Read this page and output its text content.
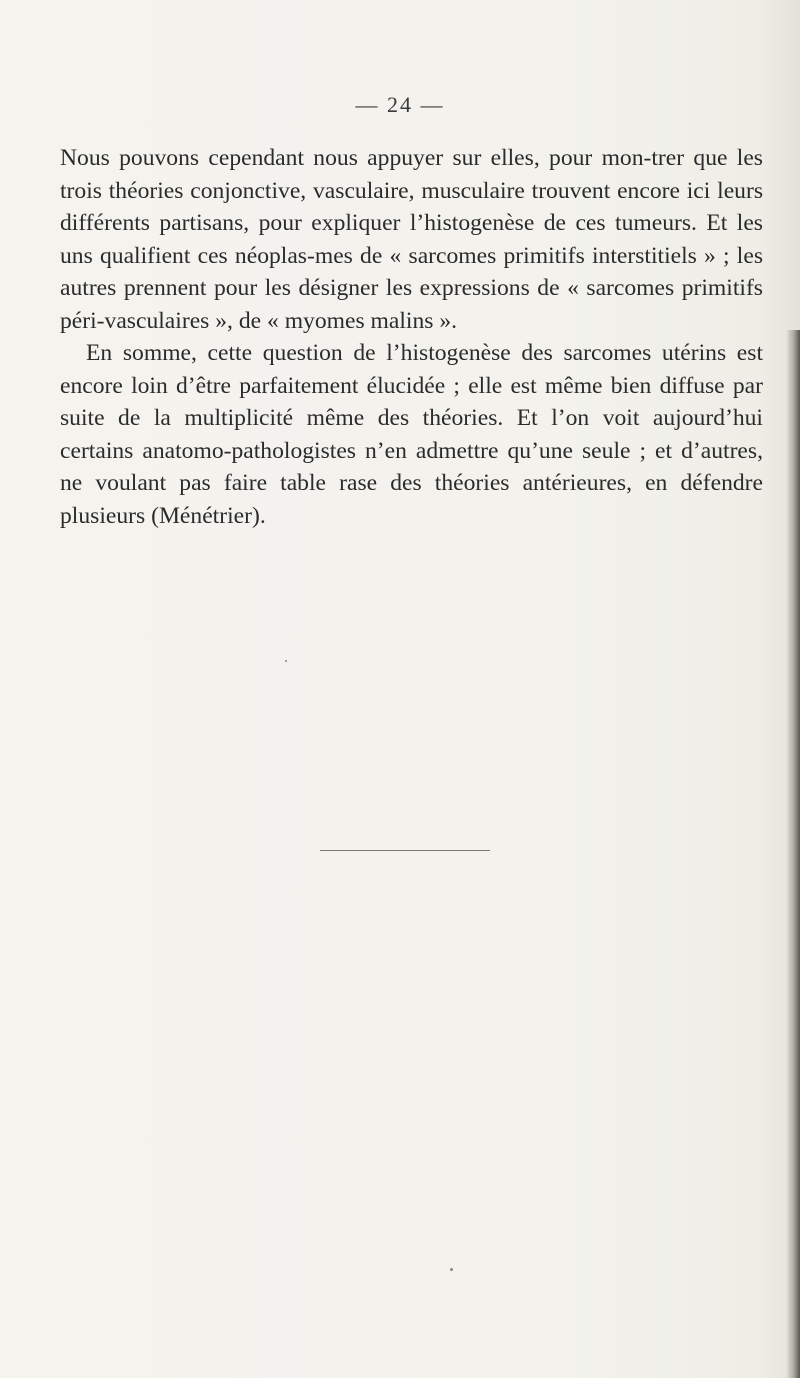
— 24 —

Nous pouvons cependant nous appuyer sur elles, pour mon-trer que les trois théories conjonctive, vasculaire, musculaire trouvent encore ici leurs différents partisans, pour expliquer l’histogenèse de ces tumeurs. Et les uns qualifient ces néoplas-mes de « sarcomes primitifs interstitiels » ; les autres prennent pour les désigner les expressions de « sarcomes primitifs péri-vasculaires », de « myomes malins ».

En somme, cette question de l’histogenèse des sarcomes utérins est encore loin d’être parfaitement élucidée ; elle est même bien diffuse par suite de la multiplicité même des théories. Et l’on voit aujourd’hui certains anatomo-pathologistes n’en admettre qu’une seule ; et d’autres, ne voulant pas faire table rase des théories antérieures, en défendre plusieurs (Ménétrier).
